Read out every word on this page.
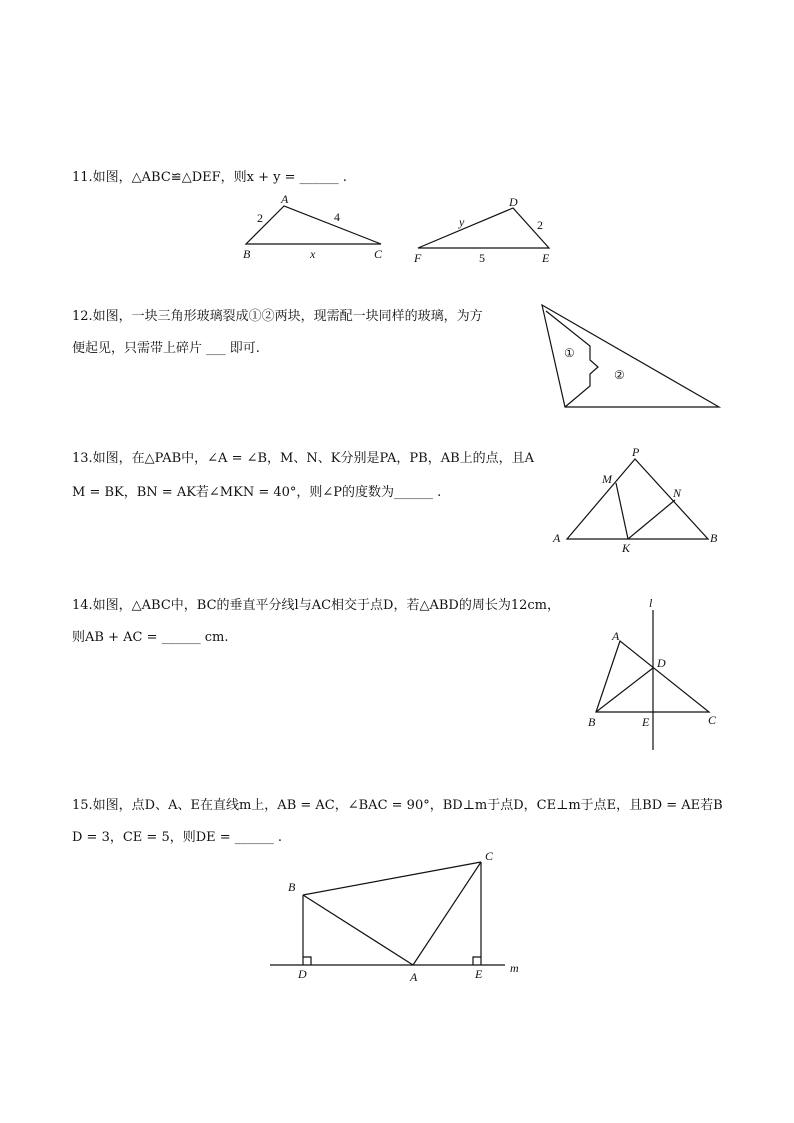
11.如图，△ABC≌△DEF，则x + y = ______ .
A
B	C
2	4
x
D
E
F
y	2
5
12.如图，一块三角形玻璃裂成①②两块，现需配一块同样的玻璃，为方
便起见，只需带上碎片 ___ 即可.	①
②
13.如图，在△PAB中，∠A = ∠B，M、N、K分别是PA，PB，AB上的点，且A
M = BK，BN = AK若∠MKN = 40°，则∠P的度数为______ .
P
M
N
A
K
B
14.如图，△ABC中，BC的垂直平分线l与AC相交于点D，若△ABD的周长为12cm，
则AB + AC = ______ cm.
l
A
D
B	E	C
15.如图，点D、A、E在直线m上，AB = AC，∠BAC = 90°，BD⊥m于点D，CE⊥m于点E，且BD = AE若B
D = 3，CE = 5，则DE = ______ .
B
C
D	A	E m
